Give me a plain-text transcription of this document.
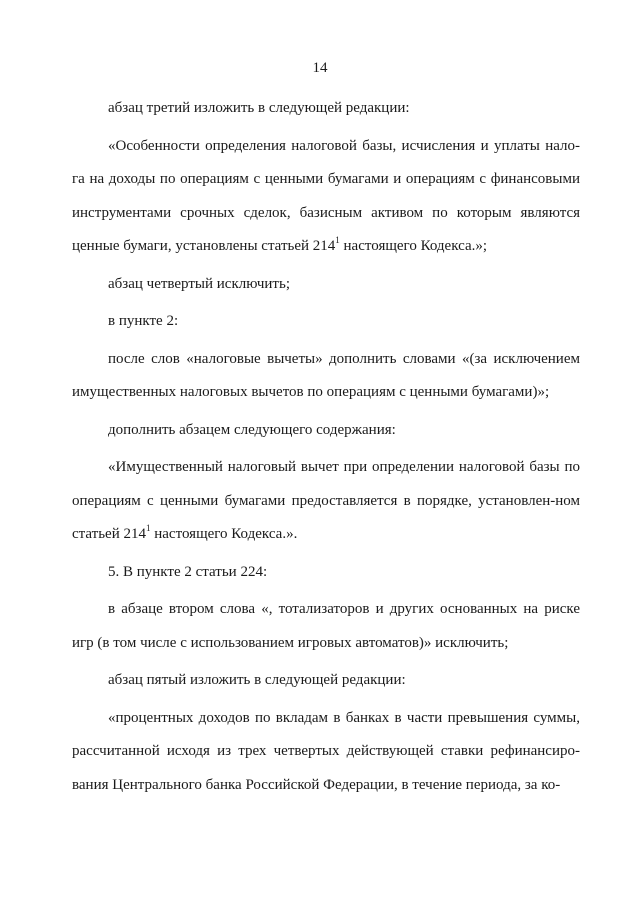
14

абзац третий изложить в следующей редакции:

«Особенности определения налоговой базы, исчисления и уплаты нало-га на доходы по операциям с ценными бумагами и операциям с финансовыми инструментами срочных сделок, базисным активом по которым являются ценные бумаги, установлены статьей $214^1$ настоящего Кодекса.»;

абзац четвертый исключить;

в пункте 2:

после слов «налоговые вычеты» дополнить словами «(за исключением имущественных налоговых вычетов по операциям с ценными бумагами)»;

дополнить абзацем следующего содержания:

«Имущественный налоговый вычет при определении налоговой базы по операциям с ценными бумагами предоставляется в порядке, установлен-ном статьей $214^1$ настоящего Кодекса.».

5. В пункте 2 статьи 224:

в абзаце втором слова «, тотализаторов и других основанных на риске игр (в том числе с использованием игровых автоматов)» исключить;

абзац пятый изложить в следующей редакции:

«процентных доходов по вкладам в банках в части превышения суммы, рассчитанной исходя из трех четвертых действующей ставки рефинансиро-вания Центрального банка Российской Федерации, в течение периода, за ко-
